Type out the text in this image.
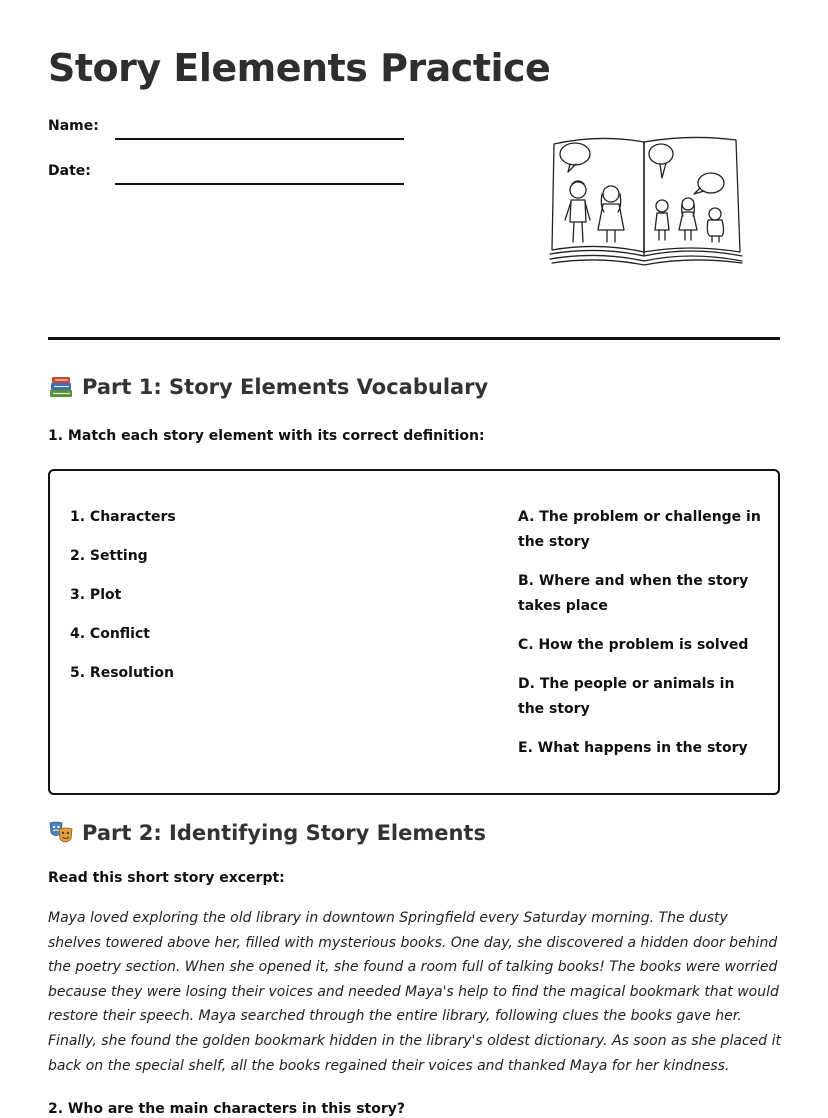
Story Elements Practice
Name:
Date:
Part 1: Story Elements Vocabulary

1. Match each story element with its correct definition:

1. Characters
2. Setting
3. Plot
4. Conflict
5. Resolution
A. The problem or challenge in the story
B. Where and when the story takes place
C. How the problem is solved
D. The people or animals in the story
E. What happens in the story
Part 2: Identifying Story Elements

Read this short story excerpt:

Maya loved exploring the old library in downtown Springfield every Saturday morning. The dusty shelves towered above her, filled with mysterious books. One day, she discovered a hidden door behind the poetry section. When she opened it, she found a room full of talking books! The books were worried because they were losing their voices and needed Maya's help to find the magical bookmark that would restore their speech. Maya searched through the entire library, following clues the books gave her. Finally, she found the golden bookmark hidden in the library's oldest dictionary. As soon as she placed it back on the special shelf, all the books regained their voices and thanked Maya for her kindness.

2. Who are the main characters in this story?
